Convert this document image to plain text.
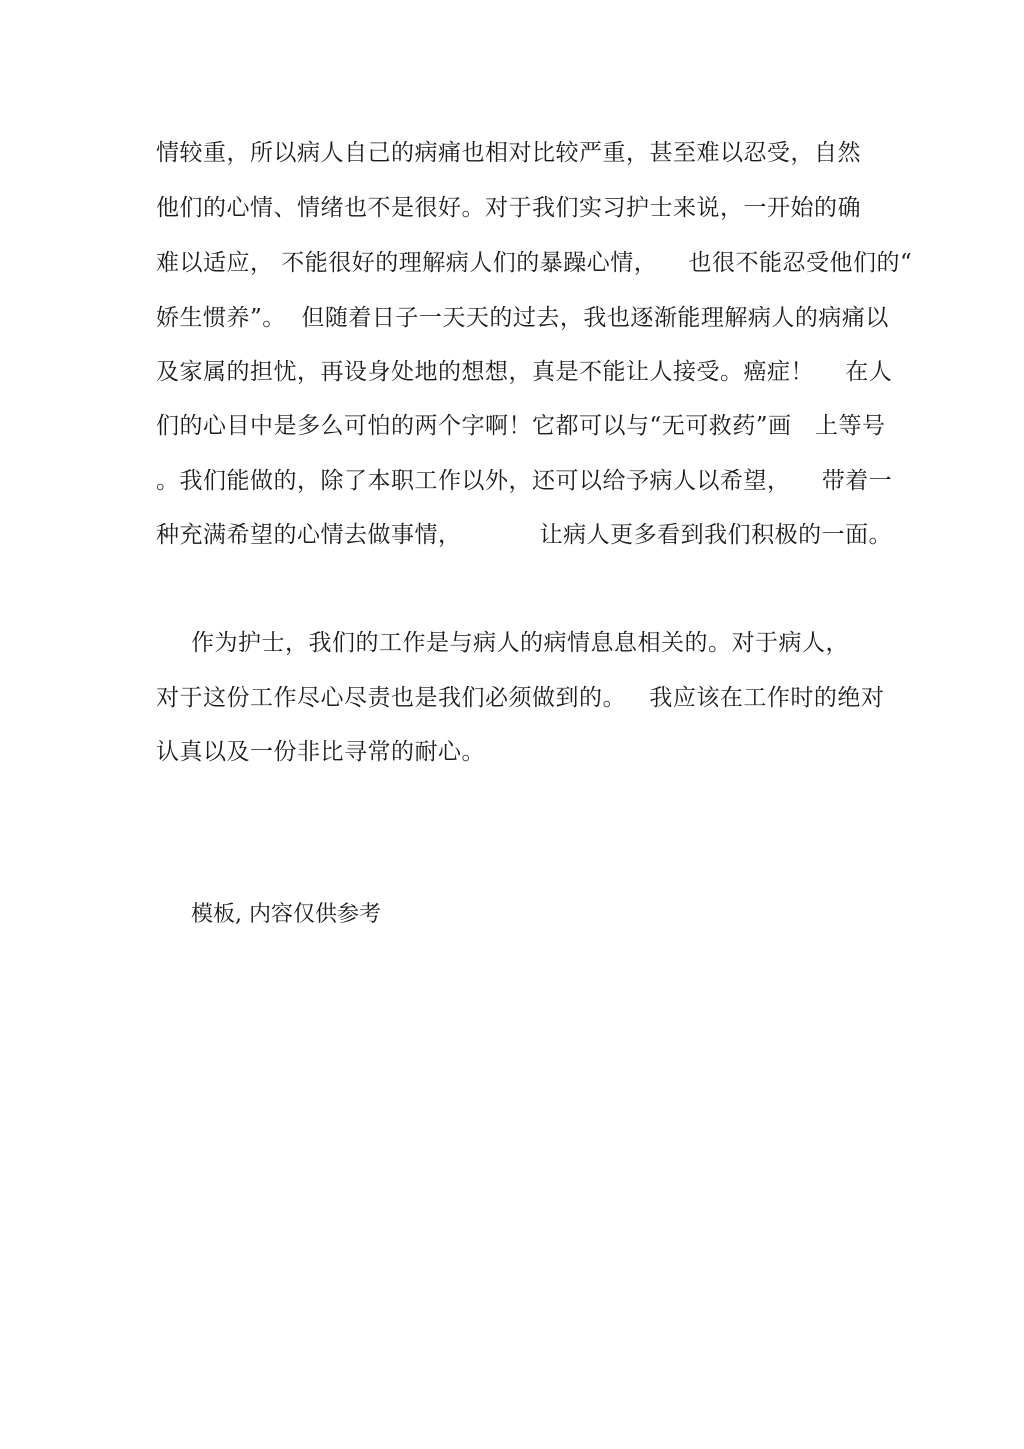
情较重，所以病人自己的病痛也相对比较严重，甚至难以忍受，自然
他们的心情、情绪也不是很好。对于我们实习护士来说，一开始的确
难以适应， 不能很好的理解病人们的暴躁心情，    也很不能忍受他们的“
娇生惯养”。  但随着日子一天天的过去，我也逐渐能理解病人的病痛以
及家属的担忧，再设身处地的想想，真是不能让人接受。癌症！    在人
们的心目中是多么可怕的两个字啊！它都可以与“无可救药”画   上等号
。我们能做的，除了本职工作以外，还可以给予病人以希望，    带着一
种充满希望的心情去做事情，          让病人更多看到我们积极的一面。
作为护士，我们的工作是与病人的病情息息相关的。对于病人，
对于这份工作尽心尽责也是我们必须做到的。   我应该在工作时的绝对
认真以及一份非比寻常的耐心。
模板, 内容仅供参考
